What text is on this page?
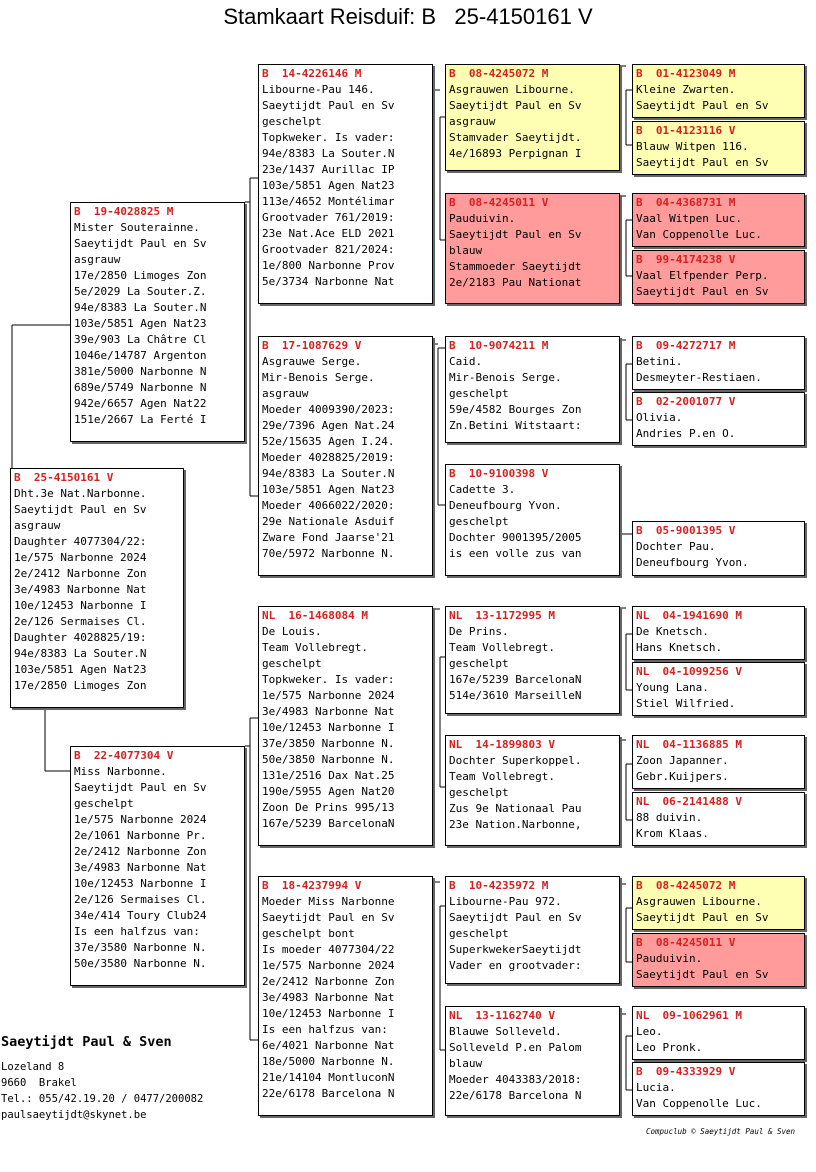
Stamkaart Reisduif: B   25-4150161 V
B  25-4150161 V
Dht.3e Nat.Narbonne.
Saeytijdt Paul en Sv
asgrauw
Daughter 4077304/22:
1e/575 Narbonne 2024
2e/2412 Narbonne Zon
3e/4983 Narbonne Nat
10e/12453 Narbonne I
2e/126 Sermaises Cl.
Daughter 4028825/19:
94e/8383 La Souter.N
103e/5851 Agen Nat23
17e/2850 Limoges Zon
B  19-4028825 M
Mister Souterainne.
Saeytijdt Paul en Sv
asgrauw
17e/2850 Limoges Zon
5e/2029 La Souter.Z.
94e/8383 La Souter.N
103e/5851 Agen Nat23
39e/903 La Châtre Cl
1046e/14787 Argenton
381e/5000 Narbonne N
689e/5749 Narbonne N
942e/6657 Agen Nat22
151e/2667 La Ferté I
B  22-4077304 V
Miss Narbonne.
Saeytijdt Paul en Sv
geschelpt
1e/575 Narbonne 2024
2e/1061 Narbonne Pr.
2e/2412 Narbonne Zon
3e/4983 Narbonne Nat
10e/12453 Narbonne I
2e/126 Sermaises Cl.
34e/414 Toury Club24
Is een halfzus van:
37e/3580 Narbonne N.
50e/3580 Narbonne N.
B  14-4226146 M
Libourne-Pau 146.
Saeytijdt Paul en Sv
geschelpt
Topkweker. Is vader:
94e/8383 La Souter.N
23e/1437 Aurillac IP
103e/5851 Agen Nat23
113e/4652 Montélimar
Grootvader 761/2019:
23e Nat.Ace ELD 2021
Grootvader 821/2024:
1e/800 Narbonne Prov
5e/3734 Narbonne Nat
B  17-1087629 V
Asgrauwe Serge.
Mir-Benois Serge.
asgrauw
Moeder 4009390/2023:
29e/7396 Agen Nat.24
52e/15635 Agen I.24.
Moeder 4028825/2019:
94e/8383 La Souter.N
103e/5851 Agen Nat23
Moeder 4066022/2020:
29e Nationale Asduif
Zware Fond Jaarse'21
70e/5972 Narbonne N.
NL  16-1468084 M
De Louis.
Team Vollebregt.
geschelpt
Topkweker. Is vader:
1e/575 Narbonne 2024
3e/4983 Narbonne Nat
10e/12453 Narbonne I
37e/3850 Narbonne N.
50e/3850 Narbonne N.
131e/2516 Dax Nat.25
190e/5955 Agen Nat20
Zoon De Prins 995/13
167e/5239 BarcelonaN
B  18-4237994 V
Moeder Miss Narbonne
Saeytijdt Paul en Sv
geschelpt bont
Is moeder 4077304/22
1e/575 Narbonne 2024
2e/2412 Narbonne Zon
3e/4983 Narbonne Nat
10e/12453 Narbonne I
Is een halfzus van:
6e/4021 Narbonne Nat
18e/5000 Narbonne N.
21e/14104 MontluconN
22e/6178 Barcelona N
B  08-4245072 M
Asgrauwen Libourne.
Saeytijdt Paul en Sv
asgrauw
Stamvader Saeytijdt.
4e/16893 Perpignan I
B  08-4245011 V
Pauduivin.
Saeytijdt Paul en Sv
blauw
Stammoeder Saeytijdt
2e/2183 Pau Nationat
B  10-9074211 M
Caid.
Mir-Benois Serge.
geschelpt
59e/4582 Bourges Zon
Zn.Betini Witstaart:
B  10-9100398 V
Cadette 3.
Deneufbourg Yvon.
geschelpt
Dochter 9001395/2005
is een volle zus van
NL  13-1172995 M
De Prins.
Team Vollebregt.
geschelpt
167e/5239 BarcelonaN
514e/3610 MarseilleN
NL  14-1899803 V
Dochter Superkoppel.
Team Vollebregt.
geschelpt
Zus 9e Nationaal Pau
23e Nation.Narbonne,
B  10-4235972 M
Libourne-Pau 972.
Saeytijdt Paul en Sv
geschelpt
SuperkwekerSaeytijdt
Vader en grootvader:
NL  13-1162740 V
Blauwe Solleveld.
Solleveld P.en Palom
blauw
Moeder 4043383/2018:
22e/6178 Barcelona N
B  01-4123049 M
Kleine Zwarten.
Saeytijdt Paul en Sv
B  01-4123116 V
Blauw Witpen 116.
Saeytijdt Paul en Sv
B  04-4368731 M
Vaal Witpen Luc.
Van Coppenolle Luc.
B  99-4174238 V
Vaal Elfpender Perp.
Saeytijdt Paul en Sv
B  09-4272717 M
Betini.
Desmeyter-Restiaen.
B  02-2001077 V
Olivia.
Andries P.en O.
B  05-9001395 V
Dochter Pau.
Deneufbourg Yvon.
NL  04-1941690 M
De Knetsch.
Hans Knetsch.
NL  04-1099256 V
Young Lana.
Stiel Wilfried.
NL  04-1136885 M
Zoon Japanner.
Gebr.Kuijpers.
NL  06-2141488 V
88 duivin.
Krom Klaas.
B  08-4245072 M
Asgrauwen Libourne.
Saeytijdt Paul en Sv
B  08-4245011 V
Pauduivin.
Saeytijdt Paul en Sv
NL  09-1062961 M
Leo.
Leo Pronk.
B  09-4333929 V
Lucia.
Van Coppenolle Luc.
Saeytijdt Paul & Sven
Lozeland 8
9660  Brakel
Tel.: 055/42.19.20 / 0477/200082
paulsaeytijdt@skynet.be
Compuclub © Saeytijdt Paul & Sven
